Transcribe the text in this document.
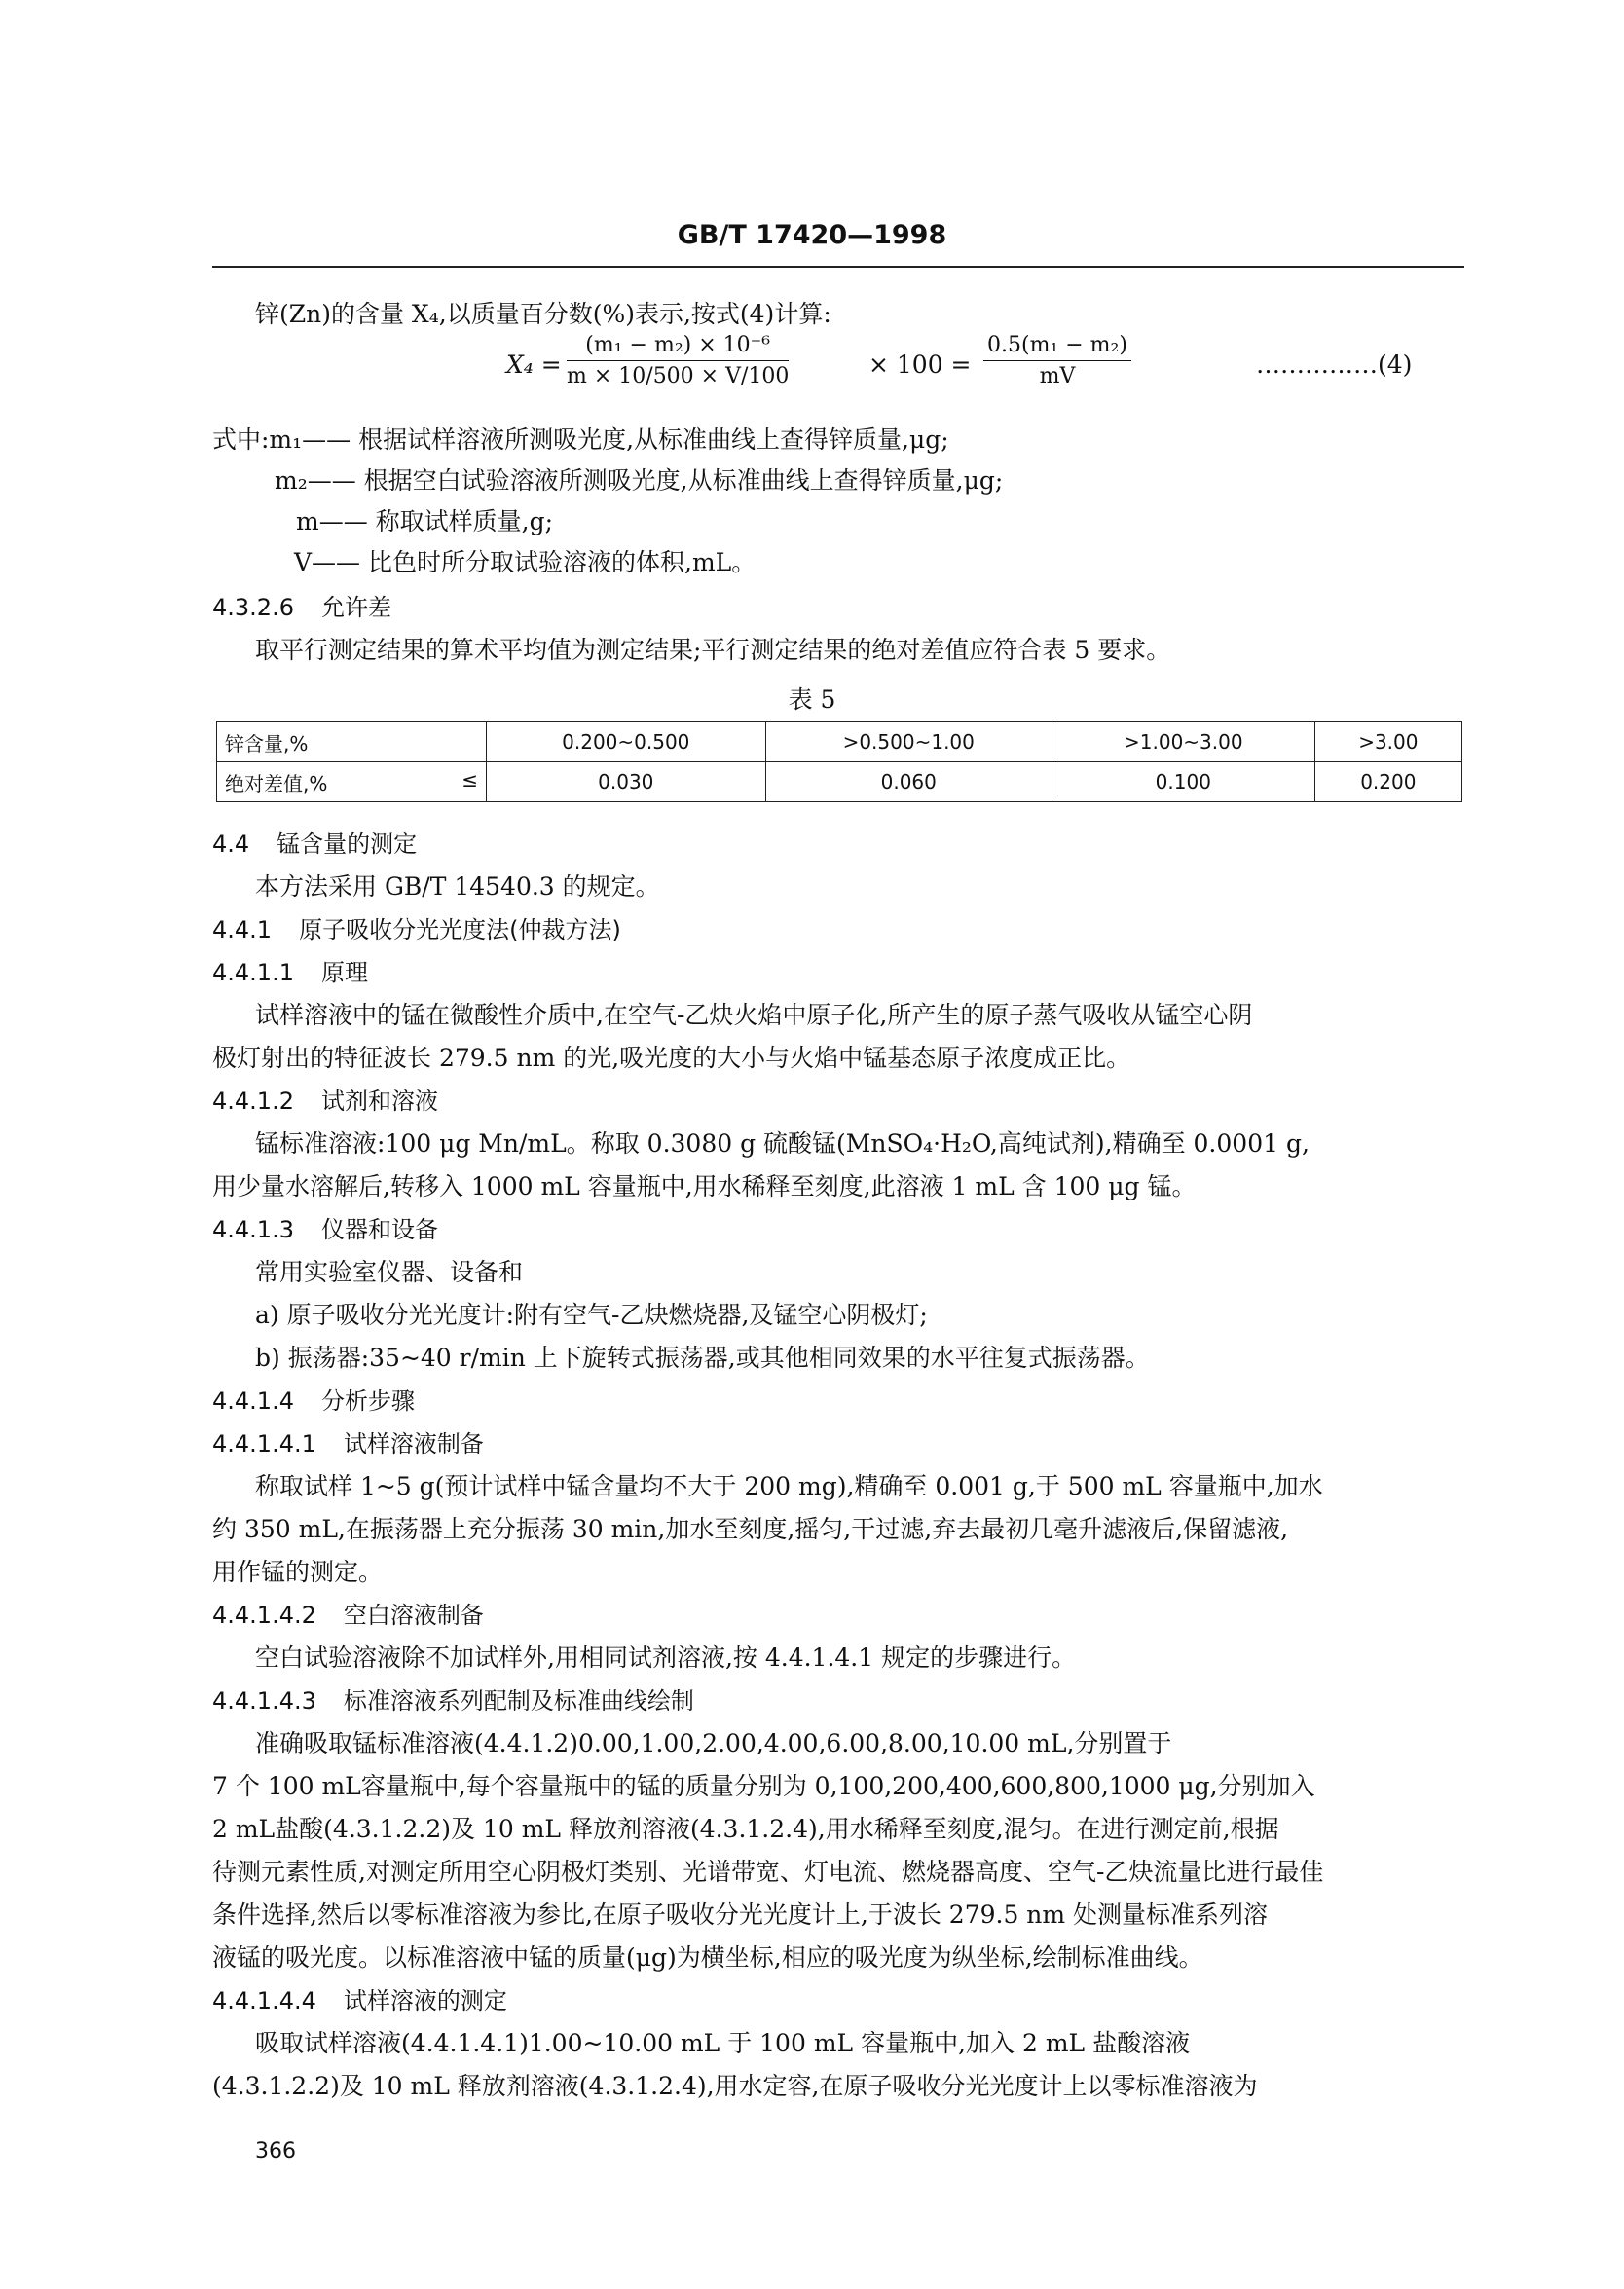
GB/T 17420—1998
锌(Zn)的含量 X₄,以质量百分数(%)表示,按式(4)计算:
$X_4 = \frac{\text{(m₁ − m₂) × 10⁻⁶}}{m \times 10/500 \times V/100}$	× $100 = \frac{\text{0.5(m₁ − m₂)}}{mV}$	……………(4)
式中:m₁—— 根据试样溶液所测吸光度,从标准曲线上查得锌质量,μg;
m₂—— 根据空白试验溶液所测吸光度,从标准曲线上查得锌质量,μg;
m—— 称取试样质量,g;
V—— 比色时所分取试验溶液的体积,mL。
4.3.2.6 允许差
取平行测定结果的算术平均值为测定结果;平行测定结果的绝对差值应符合表 5 要求。
表 5
锌含量,%	0.200~0.500	>0.500~1.00	>1.00~3.00	>3.00
绝对差值,% ≤	0.030	0.060	0.100	0.200
4.4 锰含量的测定
本方法采用 GB/T 14540.3 的规定。
4.4.1 原子吸收分光光度法(仲裁方法)
4.4.1.1 原理
试样溶液中的锰在微酸性介质中,在空气-乙炔火焰中原子化,所产生的原子蒸气吸收从锰空心阴
极灯射出的特征波长 279.5 nm 的光,吸光度的大小与火焰中锰基态原子浓度成正比。
4.4.1.2 试剂和溶液
锰标准溶液:100 μg Mn/mL。称取 0.3080 g 硫酸锰(MnSO₄·H₂O,高纯试剂),精确至 0.0001 g,
用少量水溶解后,转移入 1000 mL 容量瓶中,用水稀释至刻度,此溶液 1 mL 含 100 μg 锰。
4.4.1.3 仪器和设备
常用实验室仪器、设备和
a) 原子吸收分光光度计:附有空气-乙炔燃烧器,及锰空心阴极灯;
b) 振荡器:35~40 r/min 上下旋转式振荡器,或其他相同效果的水平往复式振荡器。
4.4.1.4 分析步骤
4.4.1.4.1 试样溶液制备
称取试样 1~5 g(预计试样中锰含量均不大于 200 mg),精确至 0.001 g,于 500 mL 容量瓶中,加水
约 350 mL,在振荡器上充分振荡 30 min,加水至刻度,摇匀,干过滤,弃去最初几毫升滤液后,保留滤液,
用作锰的测定。
4.4.1.4.2 空白溶液制备
空白试验溶液除不加试样外,用相同试剂溶液,按 4.4.1.4.1 规定的步骤进行。
4.4.1.4.3 标准溶液系列配制及标准曲线绘制
准确吸取锰标准溶液(4.4.1.2)0.00,1.00,2.00,4.00,6.00,8.00,10.00 mL,分别置于
7 个 100 mL容量瓶中,每个容量瓶中的锰的质量分别为 0,100,200,400,600,800,1000 μg,分别加入
2 mL盐酸(4.3.1.2.2)及 10 mL 释放剂溶液(4.3.1.2.4),用水稀释至刻度,混匀。在进行测定前,根据
待测元素性质,对测定所用空心阴极灯类别、光谱带宽、灯电流、燃烧器高度、空气-乙炔流量比进行最佳
条件选择,然后以零标准溶液为参比,在原子吸收分光光度计上,于波长 279.5 nm 处测量标准系列溶
液锰的吸光度。以标准溶液中锰的质量(μg)为横坐标,相应的吸光度为纵坐标,绘制标准曲线。
4.4.1.4.4 试样溶液的测定
吸取试样溶液(4.4.1.4.1)1.00~10.00 mL 于 100 mL 容量瓶中,加入 2 mL 盐酸溶液
(4.3.1.2.2)及 10 mL 释放剂溶液(4.3.1.2.4),用水定容,在原子吸收分光光度计上以零标准溶液为
366
